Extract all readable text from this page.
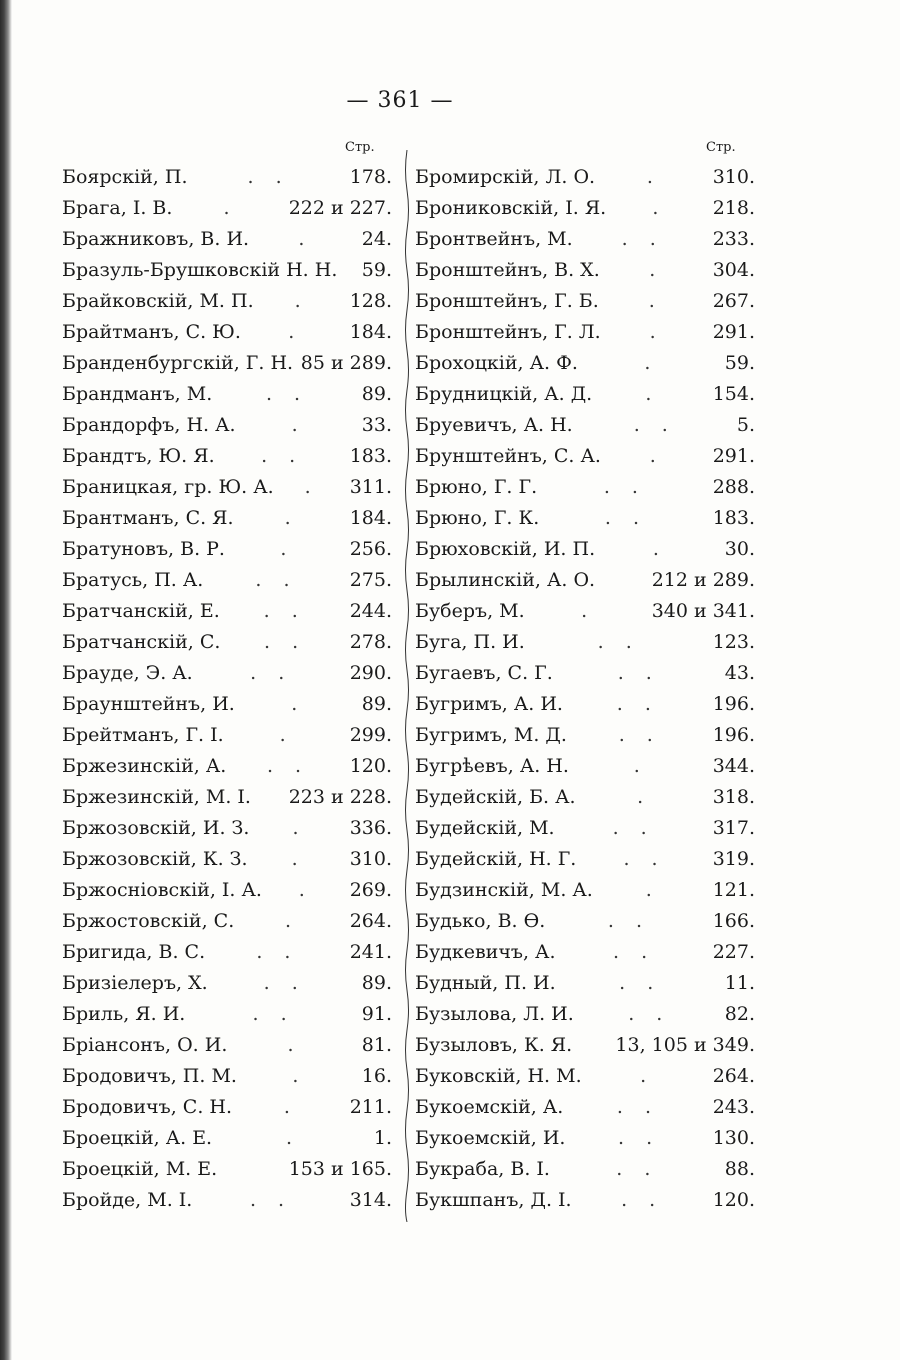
— 361 —
Стр.	Стр.
Боярскій, П.	. .	178.
Брага, І. В.	.	222 и 227.
Бражниковъ, В. И.	.	24.
Бразуль-Брушковскій Н. Н. 59.
Брайковскій, М. П.	.	128.
Брайтманъ, С. Ю.	.	184.
Бранденбургскій, Г. Н. 85 и 289.
Брандманъ, М.	. .	89.
Брандорфъ, Н. А.	.	33.
Брандтъ, Ю. Я.	. .	183.
Браницкая, гр. Ю. А.	.	311.
Брантманъ, С. Я.	.	184.
Братуновъ, В. Р.	.	256.
Братусь, П. А.	. .	275.
Братчанскій, Е.	. .	244.
Братчанскій, С.	. .	278.
Брауде, Э. А.	. .	290.
Браунштейнъ, И.	.	89.
Брейтманъ, Г. І.	.	299.
Бржезинскій, А.	. .	120.
Бржезинскій, М. І. 223 и 228.
Бржозовскій, И. З.	.	336.
Бржозовскій, К. З.	.	310.
Бржосніовскій, І. А.	.	269.
Бржостовскій, С.	.	264.
Бригида, В. С.	. .	241.
Бризіелеръ, Х.	. .	89.
Бриль, Я. И.	. .	91.
Бріансонъ, О. И.	.	81.
Бродовичъ, П. М.	.	16.
Бродовичъ, С. Н.	.	211.
Броецкій, А. Е.	.	1.
Броецкій, М. Е.	153 и 165.
Бройде, М. І.	. .	314.
Бромирскій, Л. О.	.	310.
Брониковскій, І. Я.	.	218.
Бронтвейнъ, М.	. .	233.
Бронштейнъ, В. Х.	.	304.
Бронштейнъ, Г. Б.	.	267.
Бронштейнъ, Г. Л.	.	291.
Брохоцкій, А. Ф.	.	59.
Брудницкій, А. Д.	.	154.
Бруевичъ, А. Н.	. .	5.
Брунштейнъ, С. А.	.	291.
Брюно, Г. Г.	. .	288.
Брюно, Г. К.	. .	183.
Брюховскій, И. П.	.	30.
Брылинскій, А. О.	212 и 289.
Буберъ, М.	.	340 и 341.
Буга, П. И.	. .	123.
Бугаевъ, С. Г.	. .	43.
Бугримъ, А. И.	. .	196.
Бугримъ, М. Д.	. .	196.
Бугрѣевъ, А. Н.	.	344.
Будейскій, Б. А.	.	318.
Будейскій, М.	. .	317.
Будейскій, Н. Г.	. .	319.
Будзинскій, М. А.	.	121.
Будько, В. Ѳ.	. .	166.
Будкевичъ, А.	. .	227.
Будный, П. И.	. .	11.
Бузылова, Л. И.	. .	82.
Бузыловъ, К. Я. 13, 105 и 349.
Буковскій, Н. М.	.	264.
Букоемскій, А.	. .	243.
Букоемскій, И.	. .	130.
Букраба, В. І.	. .	88.
Букшпанъ, Д. І.	. .	120.
